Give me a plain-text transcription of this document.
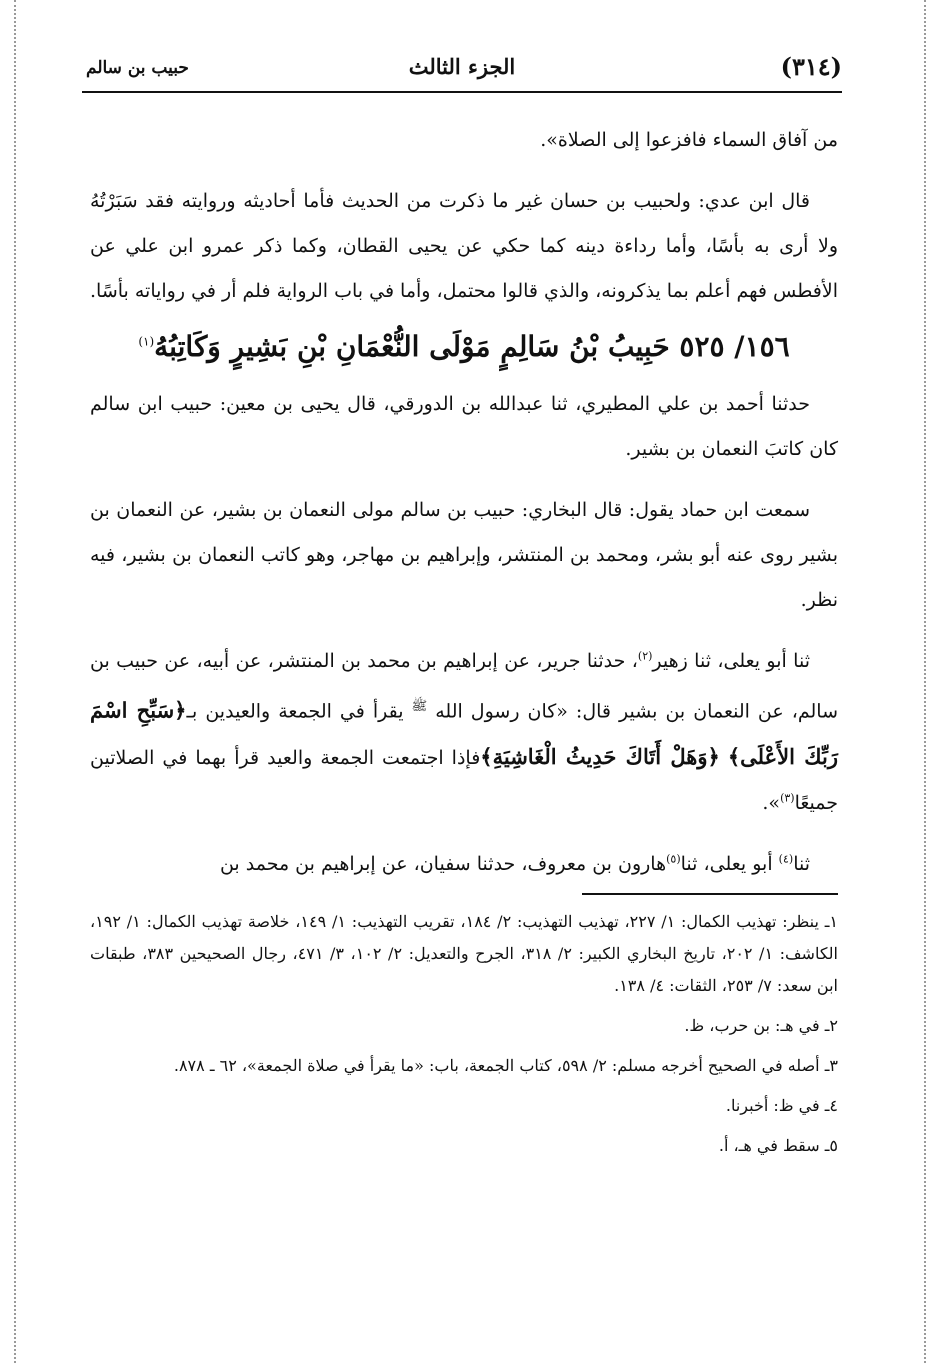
(٣١٤)
الجزء الثالث
حبيب بن سالم

من آفاق السماء فافزعوا إلى الصلاة».

قال ابن عدي: ولحبيب بن حسان غير ما ذكرت من الحديث فأما أحاديثه وروايته فقد سَبَرْتُهُ ولا أرى به بأسًا، وأما رداءة دينه كما حكي عن يحيى القطان، وكما ذكر عمرو ابن علي عن الأفطس فهم أعلم بما يذكرونه، والذي قالوا محتمل، وأما في باب الرواية فلم أر في رواياته بأسًا.

١٥٦/ ٥٢٥ حَبِيبُ بْنُ سَالِمٍ مَوْلَى النُّعْمَانِ بْنِ بَشِيرٍ وَكَاتِبُهُ$^{(١)}$

حدثنا أحمد بن علي المطيري، ثنا عبدالله بن الدورقي، قال يحيى بن معين: حبيب ابن سالم كان كاتبَ النعمان بن بشير.

سمعت ابن حماد يقول: قال البخاري: حبيب بن سالم مولى النعمان بن بشير، عن النعمان بن بشير روى عنه أبو بشر، ومحمد بن المنتشر، وإبراهيم بن مهاجر، وهو كاتب النعمان بن بشير، فيه نظر.

ثنا أبو يعلى، ثنا زهير$^{(٢)}$، حدثنا جرير، عن إبراهيم بن محمد بن المنتشر، عن أبيه، عن حبيب بن سالم، عن النعمان بن بشير قال: «كان رسول الله $^ﷺ$ يقرأ في الجمعة والعيدين بـ﴿سَبِّحِ اسْمَ رَبِّكَ الأَعْلَى﴾ ﴿وَهَلْ أَتَاكَ حَدِيثُ الْغَاشِيَةِ﴾فإذا اجتمعت الجمعة والعيد قرأ بهما في الصلاتين جميعًا$^{(٣)}$».

ثنا$^{(٤)}$ أبو يعلى، ثنا$^{(٥)}$هارون بن معروف، حدثنا سفيان، عن إبراهيم بن محمد بن

١ـ ينظر: تهذيب الكمال: ١/ ٢٢٧، تهذيب التهذيب: ٢/ ١٨٤، تقريب التهذيب: ١/ ١٤٩، خلاصة تهذيب الكمال: ١/ ١٩٢، الكاشف: ١/ ٢٠٢، تاريخ البخاري الكبير: ٢/ ٣١٨، الجرح والتعديل: ٢/ ١٠٢، ٣/ ٤٧١، رجال الصحيحين ٣٨٣، طبقات ابن سعد: ٧/ ٢٥٣، الثقات: ٤/ ١٣٨.

٢ـ في هـ: بن حرب، ظ.

٣ـ أصله في الصحيح أخرجه مسلم: ٢/ ٥٩٨، كتاب الجمعة، باب: «ما يقرأ في صلاة الجمعة»، ٦٢ ـ ٨٧٨.

٤ـ في ظ: أخبرنا.

٥ـ سقط في هـ، أ.
